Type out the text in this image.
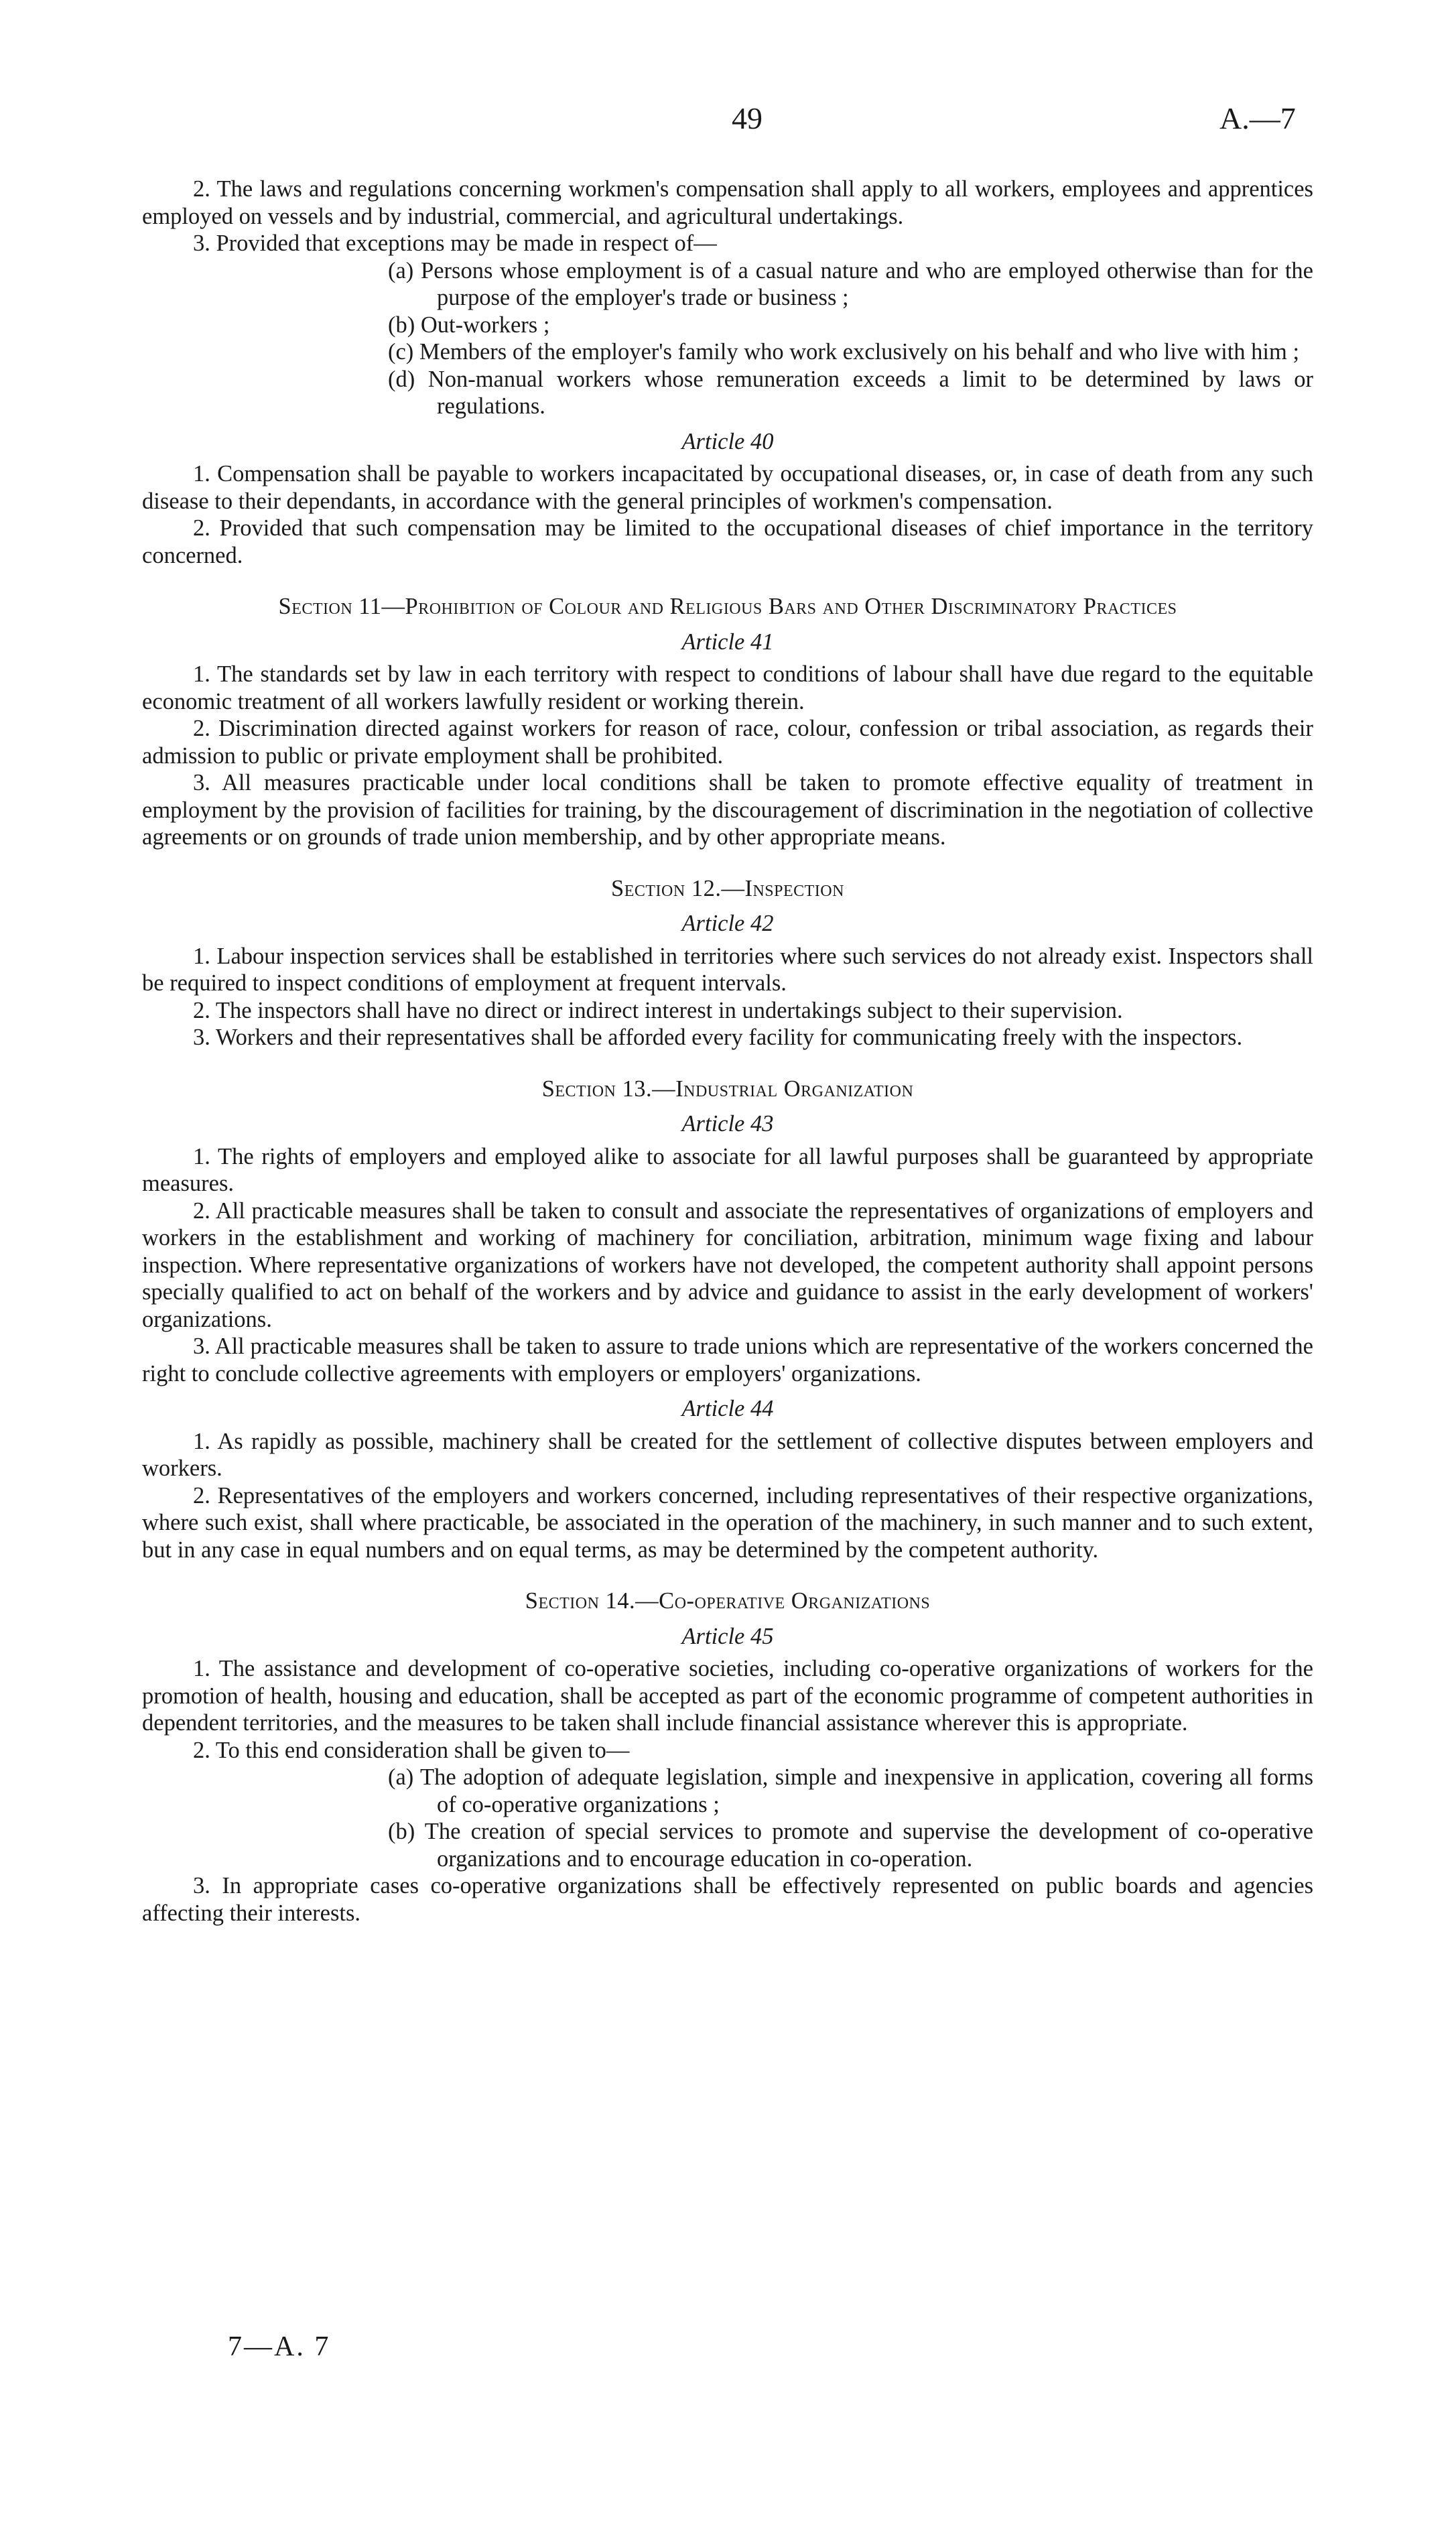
49	A.—7

2. The laws and regulations concerning workmen's compensation shall apply to all workers, employees and apprentices employed on vessels and by industrial, commercial, and agricultural undertakings.

3. Provided that exceptions may be made in respect of—

(a) Persons whose employment is of a casual nature and who are employed otherwise than for the purpose of the employer's trade or business ;

(b) Out-workers ;

(c) Members of the employer's family who work exclusively on his behalf and who live with him ;

(d) Non-manual workers whose remuneration exceeds a limit to be determined by laws or regulations.

Article 40

1. Compensation shall be payable to workers incapacitated by occupational diseases, or, in case of death from any such disease to their dependants, in accordance with the general principles of workmen's compensation.

2. Provided that such compensation may be limited to the occupational diseases of chief importance in the territory concerned.

Section 11—Prohibition of Colour and Religious Bars and Other Discriminatory Practices
Article 41

1. The standards set by law in each territory with respect to conditions of labour shall have due regard to the equitable economic treatment of all workers lawfully resident or working therein.

2. Discrimination directed against workers for reason of race, colour, confession or tribal association, as regards their admission to public or private employment shall be prohibited.

3. All measures practicable under local conditions shall be taken to promote effective equality of treatment in employment by the provision of facilities for training, by the discouragement of discrimination in the negotiation of collective agreements or on grounds of trade union membership, and by other appropriate means.

Section 12.—Inspection
Article 42

1. Labour inspection services shall be established in territories where such services do not already exist. Inspectors shall be required to inspect conditions of employment at frequent intervals.

2. The inspectors shall have no direct or indirect interest in undertakings subject to their supervision.

3. Workers and their representatives shall be afforded every facility for communicating freely with the inspectors.

Section 13.—Industrial Organization
Article 43

1. The rights of employers and employed alike to associate for all lawful purposes shall be guaranteed by appropriate measures.

2. All practicable measures shall be taken to consult and associate the representatives of organizations of employers and workers in the establishment and working of machinery for conciliation, arbitration, minimum wage fixing and labour inspection. Where representative organizations of workers have not developed, the competent authority shall appoint persons specially qualified to act on behalf of the workers and by advice and guidance to assist in the early development of workers' organizations.

3. All practicable measures shall be taken to assure to trade unions which are representative of the workers concerned the right to conclude collective agreements with employers or employers' organizations.

Article 44

1. As rapidly as possible, machinery shall be created for the settlement of collective disputes between employers and workers.

2. Representatives of the employers and workers concerned, including representatives of their respective organizations, where such exist, shall where practicable, be associated in the operation of the machinery, in such manner and to such extent, but in any case in equal numbers and on equal terms, as may be determined by the competent authority.

Section 14.—Co-operative Organizations
Article 45

1. The assistance and development of co-operative societies, including co-operative organizations of workers for the promotion of health, housing and education, shall be accepted as part of the economic programme of competent authorities in dependent territories, and the measures to be taken shall include financial assistance wherever this is appropriate.

2. To this end consideration shall be given to—

(a) The adoption of adequate legislation, simple and inexpensive in application, covering all forms of co-operative organizations ;

(b) The creation of special services to promote and supervise the development of co-operative organizations and to encourage education in co-operation.

3. In appropriate cases co-operative organizations shall be effectively represented on public boards and agencies affecting their interests.

7—A. 7
